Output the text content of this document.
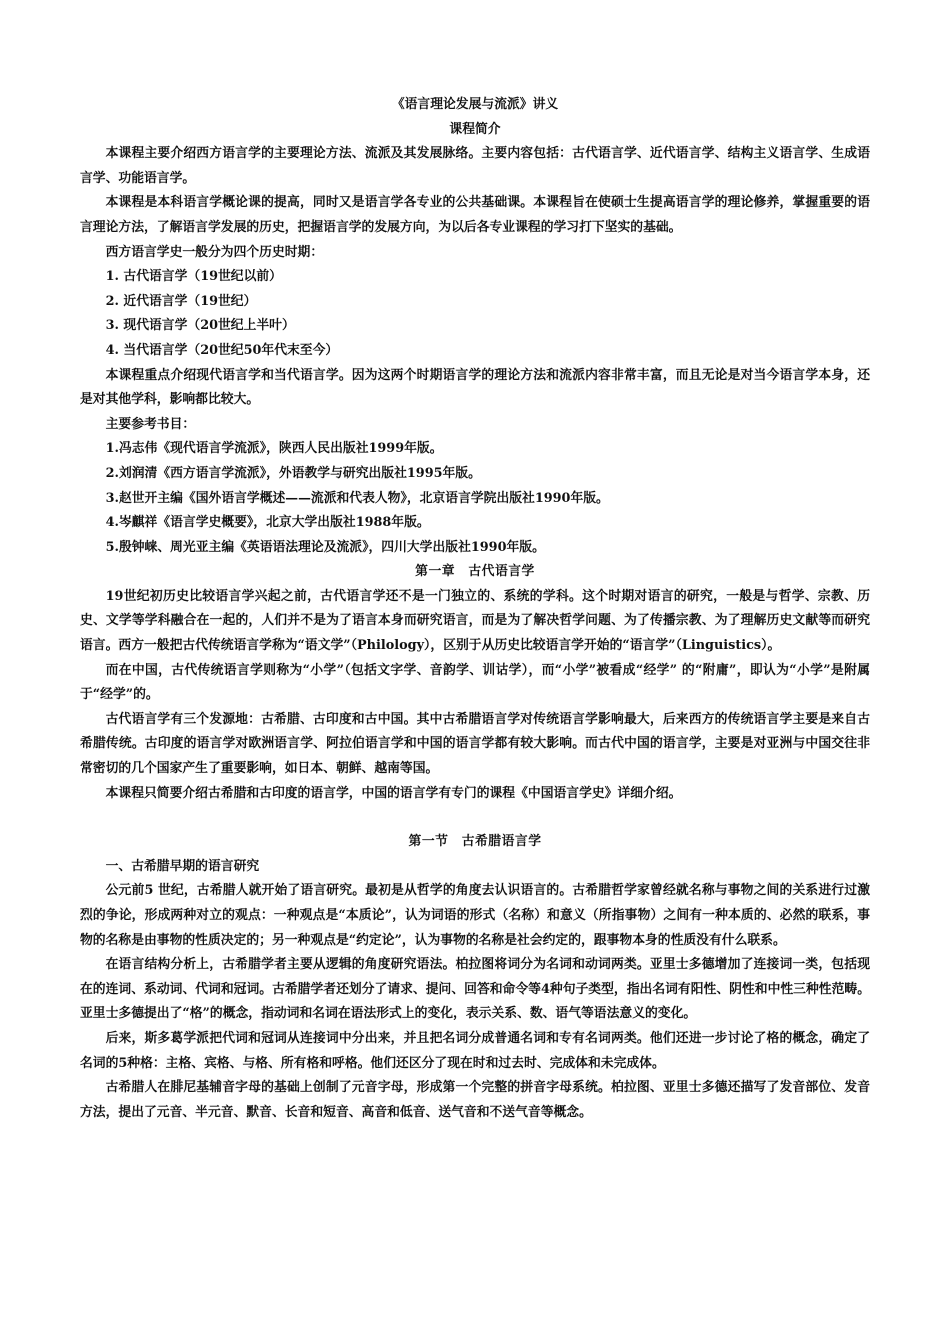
《语言理论发展与流派》讲义
课程简介

本课程主要介绍西方语言学的主要理论方法、流派及其发展脉络。主要内容包括：古代语言学、近代语言学、结构主义语言学、生成语言学、功能语言学。

本课程是本科语言学概论课的提高，同时又是语言学各专业的公共基础课。本课程旨在使硕士生提高语言学的理论修养，掌握重要的语言理论方法，了解语言学发展的历史，把握语言学的发展方向，为以后各专业课程的学习打下坚实的基础。

西方语言学史一般分为四个历史时期：

1. 古代语言学（19世纪以前）
2. 近代语言学（19世纪）
3. 现代语言学（20世纪上半叶）
4. 当代语言学（20世纪50年代末至今）

本课程重点介绍现代语言学和当代语言学。因为这两个时期语言学的理论方法和流派内容非常丰富，而且无论是对当今语言学本身，还是对其他学科，影响都比较大。

主要参考书目：
1.冯志伟《现代语言学流派》，陕西人民出版社1999年版。
2.刘润清《西方语言学流派》，外语教学与研究出版社1995年版。
3.赵世开主编《国外语言学概述——流派和代表人物》，北京语言学院出版社1990年版。
4.岑麒祥《语言学史概要》，北京大学出版社1988年版。
5.殷钟崃、周光亚主编《英语语法理论及流派》，四川大学出版社1990年版。
第一章　古代语言学

19世纪初历史比较语言学兴起之前，古代语言学还不是一门独立的、系统的学科。这个时期对语言的研究，一般是与哲学、宗教、历史、文学等学科融合在一起的，人们并不是为了语言本身而研究语言，而是为了解决哲学问题、为了传播宗教、为了理解历史文献等而研究语言。西方一般把古代传统语言学称为“语文学”（Philology），区别于从历史比较语言学开始的“语言学”（Linguistics）。

而在中国，古代传统语言学则称为“小学”（包括文字学、音韵学、训诂学），而“小学”被看成“经学” 的“附庸”，即认为“小学”是附属于“经学”的。

古代语言学有三个发源地：古希腊、古印度和古中国。其中古希腊语言学对传统语言学影响最大，后来西方的传统语言学主要是来自古希腊传统。古印度的语言学对欧洲语言学、阿拉伯语言学和中国的语言学都有较大影响。而古代中国的语言学，主要是对亚洲与中国交往非常密切的几个国家产生了重要影响，如日本、朝鲜、越南等国。

本课程只简要介绍古希腊和古印度的语言学，中国的语言学有专门的课程《中国语言学史》详细介绍。

第一节　古希腊语言学
一、古希腊早期的语言研究

公元前5 世纪，古希腊人就开始了语言研究。最初是从哲学的角度去认识语言的。古希腊哲学家曾经就名称与事物之间的关系进行过激烈的争论，形成两种对立的观点：一种观点是“本质论”，认为词语的形式（名称）和意义（所指事物）之间有一种本质的、必然的联系，事物的名称是由事物的性质决定的；另一种观点是“约定论”，认为事物的名称是社会约定的，跟事物本身的性质没有什么联系。

在语言结构分析上，古希腊学者主要从逻辑的角度研究语法。柏拉图将词分为名词和动词两类。亚里士多德增加了连接词一类，包括现在的连词、系动词、代词和冠词。古希腊学者还划分了请求、提问、回答和命令等4种句子类型，指出名词有阳性、阴性和中性三种性范畴。亚里士多德提出了“格”的概念，指动词和名词在语法形式上的变化，表示关系、数、语气等语法意义的变化。

后来，斯多葛学派把代词和冠词从连接词中分出来，并且把名词分成普通名词和专有名词两类。他们还进一步讨论了格的概念，确定了名词的5种格：主格、宾格、与格、所有格和呼格。他们还区分了现在时和过去时、完成体和未完成体。

古希腊人在腓尼基辅音字母的基础上创制了元音字母，形成第一个完整的拼音字母系统。柏拉图、亚里士多德还描写了发音部位、发音方法，提出了元音、半元音、默音、长音和短音、高音和低音、送气音和不送气音等概念。
